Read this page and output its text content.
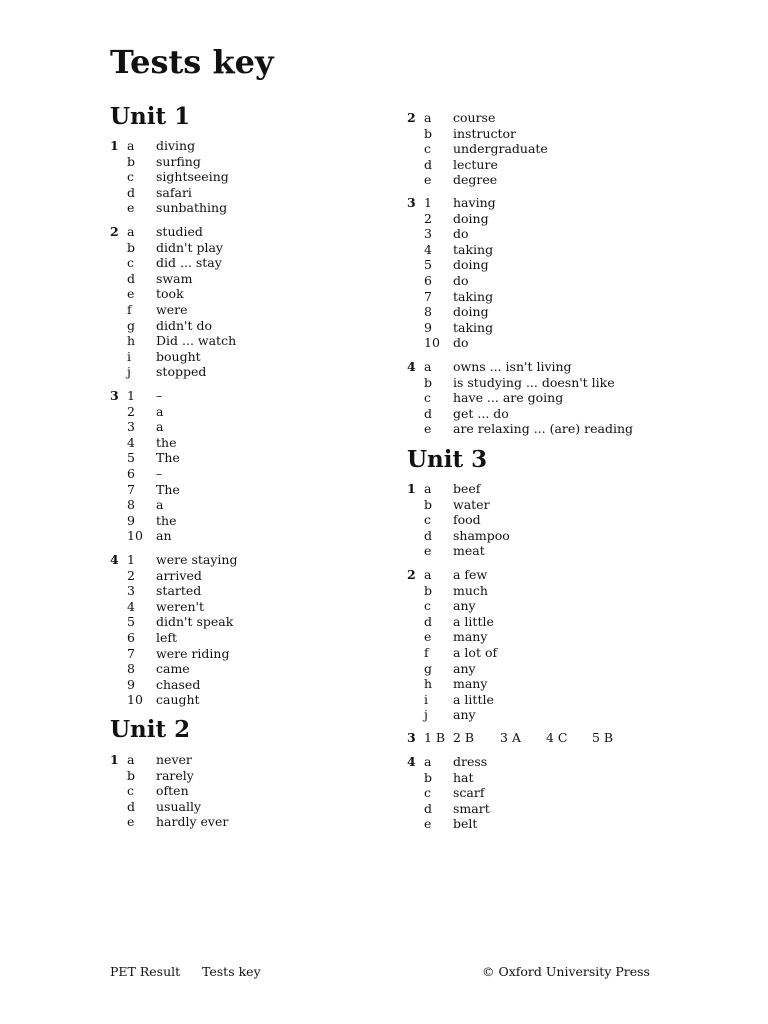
Tests key
Unit 1
1 a diving
b surfing
c sightseeing
d safari
e sunbathing
2 a studied
b didn't play
c did ... stay
d swam
e took
f were
g didn't do
h Did ... watch
i bought
j stopped
3 1 –
2 a
3 a
4 the
5 The
6 –
7 The
8 a
9 the
10 an
4 1 were staying
2 arrived
3 started
4 weren't
5 didn't speak
6 left
7 were riding
8 came
9 chased
10 caught
Unit 2
1 a never
b rarely
c often
d usually
e hardly ever
2 a course
b instructor
c undergraduate
d lecture
e degree
3 1 having
2 doing
3 do
4 taking
5 doing
6 do
7 taking
8 doing
9 taking
10 do
4 a owns ... isn't living
b is studying ... doesn't like
c have ... are going
d get ... do
e are relaxing ... (are) reading
Unit 3
1 a beef
b water
c food
d shampoo
e meat
2 a a few
b much
c any
d a little
e many
f a lot of
g any
h many
i a little
j any
3 1 B 2 B 3 A 4 C 5 B
4 a dress
b hat
c scarf
d smart
e belt
PET Result Tests key	© Oxford University Press
